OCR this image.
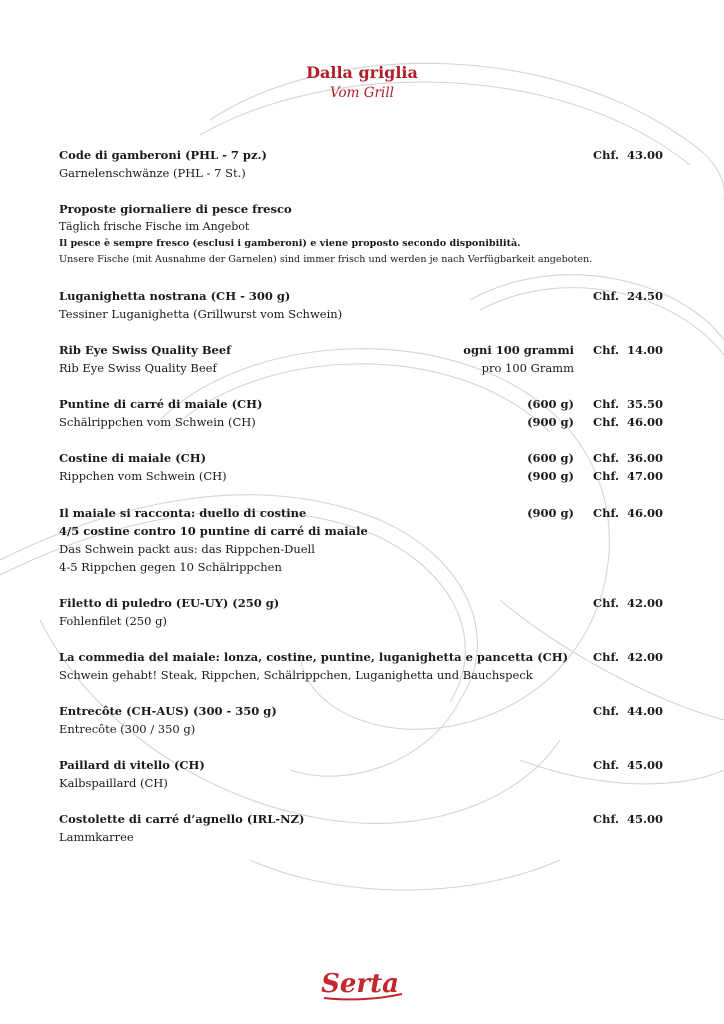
Dalla griglia
Vom Grill
Code di gamberoni (PHL - 7 pz.)	Chf. 43.00
Garnelenschwänze (PHL - 7 St.)
Proposte giornaliere di pesce fresco
Täglich frische Fische im Angebot
Il pesce è sempre fresco (esclusi i gamberoni) e viene proposto secondo disponibilità.
Unsere Fische (mit Ausnahme der Garnelen) sind immer frisch und werden je nach Verfügbarkeit angeboten.
Luganighetta nostrana (CH - 300 g)	Chf. 24.50
Tessiner Luganighetta (Grillwurst vom Schwein)
Rib Eye Swiss Quality Beef	ogni 100 grammi Chf. 14.00
Rib Eye Swiss Quality Beef	pro 100 Gramm
Puntine di carré di maiale (CH)	(600 g) Chf. 35.50
Schälrippchen vom Schwein (CH)	(900 g) Chf. 46.00
Costine di maiale (CH)	(600 g) Chf. 36.00
Rippchen vom Schwein (CH)	(900 g) Chf. 47.00
Il maiale si racconta: duello di costine	(900 g) Chf. 46.00
4/5 costine contro 10 puntine di carré di maiale
Das Schwein packt aus: das Rippchen-Duell
4-5 Rippchen gegen 10 Schälrippchen
Filetto di puledro (EU-UY) (250 g)	Chf. 42.00
Fohlenfilet (250 g)
La commedia del maiale: lonza, costine, puntine, luganighetta e pancetta (CH) Chf. 42.00
Schwein gehabt! Steak, Rippchen, Schälrippchen, Luganighetta und Bauchspeck
Entrecôte (CH-AUS) (300 - 350 g)	Chf. 44.00
Entrecôte (300 / 350 g)
Paillard di vitello (CH)	Chf. 45.00
Kalbspaillard (CH)
Costolette di carré d’agnello (IRL-NZ)	Chf. 45.00
Lammkarree
Serta
